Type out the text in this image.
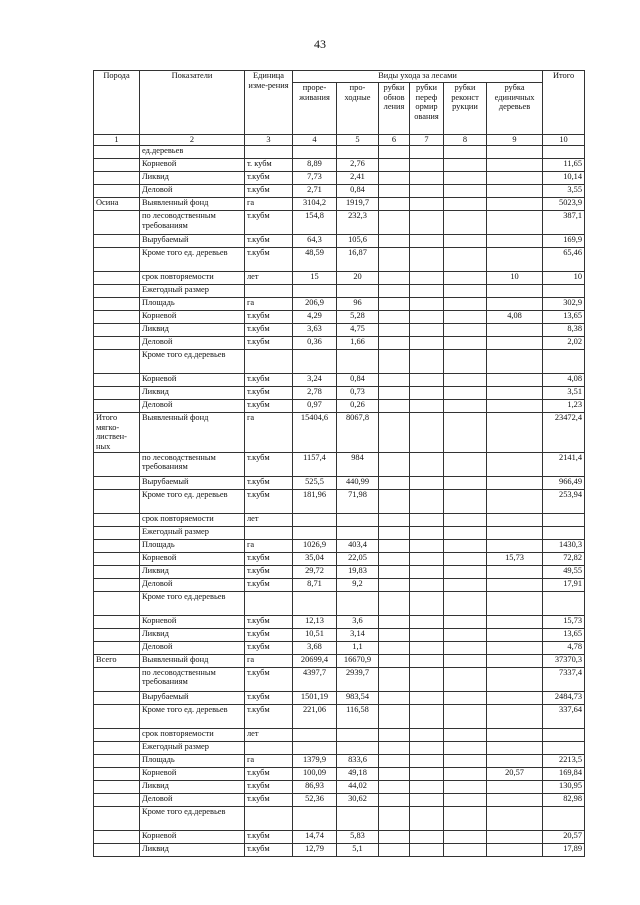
43
Порода	Показатели	Единица изме-рения	Виды ухода за лесами						Итого
			проре-живания	про-ходные	рубки обнов ления	рубки переф ормир ования	рубки реконст рукции	рубка единичных деревьев	
1	2	3	4	5	6	7	8	9	10
	ед.деревьев								
	Корневой	т. кубм	8,89	2,76					11,65
	Ликвид	т.кубм	7,73	2,41					10,14
	Деловой	т.кубм	2,71	0,84					3,55
Осина	Выявленный фонд	га	3104,2	1919,7					5023,9
	по лесоводственным требованиям	т.кубм	154,8	232,3					387,1
	Вырубаемый	т.кубм	64,3	105,6					169,9
	Кроме того ед. деревьев	т.кубм	48,59	16,87					65,46
	срок повторяемости	лет	15	20				10	10
	Ежегодный размер								
	Площадь	га	206,9	96					302,9
	Корневой	т.кубм	4,29	5,28				4,08	13,65
	Ликвид	т.кубм	3,63	4,75					8,38
	Деловой	т.кубм	0,36	1,66					2,02
	Кроме того ед.деревьев								
	Корневой	т.кубм	3,24	0,84					4,08
	Ликвид	т.кубм	2,78	0,73					3,51
	Деловой	т.кубм	0,97	0,26					1,23
Итого мягко-листвен-ных	Выявленный фонд	га	15404,6	8067,8					23472,4
	по лесоводственным требованиям	т.кубм	1157,4	984					2141,4
	Вырубаемый	т.кубм	525,5	440,99					966,49
	Кроме того ед. деревьев	т.кубм	181,96	71,98					253,94
	срок повторяемости	лет							
	Ежегодный размер								
	Площадь	га	1026,9	403,4					1430,3
	Корневой	т.кубм	35,04	22,05				15,73	72,82
	Ликвид	т.кубм	29,72	19,83					49,55
	Деловой	т.кубм	8,71	9,2					17,91
	Кроме того ед.деревьев								
	Корневой	т.кубм	12,13	3,6					15,73
	Ликвид	т.кубм	10,51	3,14					13,65
	Деловой	т.кубм	3,68	1,1					4,78
Всего	Выявленный фонд	га	20699,4	16670,9					37370,3
	по лесоводственным требованиям	т.кубм	4397,7	2939,7					7337,4
	Вырубаемый	т.кубм	1501,19	983,54					2484,73
	Кроме того ед. деревьев	т.кубм	221,06	116,58					337,64
	срок повторяемости	лет							
	Ежегодный размер								
	Площадь	га	1379,9	833,6					2213,5
	Корневой	т.кубм	100,09	49,18				20,57	169,84
	Ликвид	т.кубм	86,93	44,02					130,95
	Деловой	т.кубм	52,36	30,62					82,98
	Кроме того ед.деревьев								
	Корневой	т.кубм	14,74	5,83					20,57
	Ликвид	т.кубм	12,79	5,1					17,89
